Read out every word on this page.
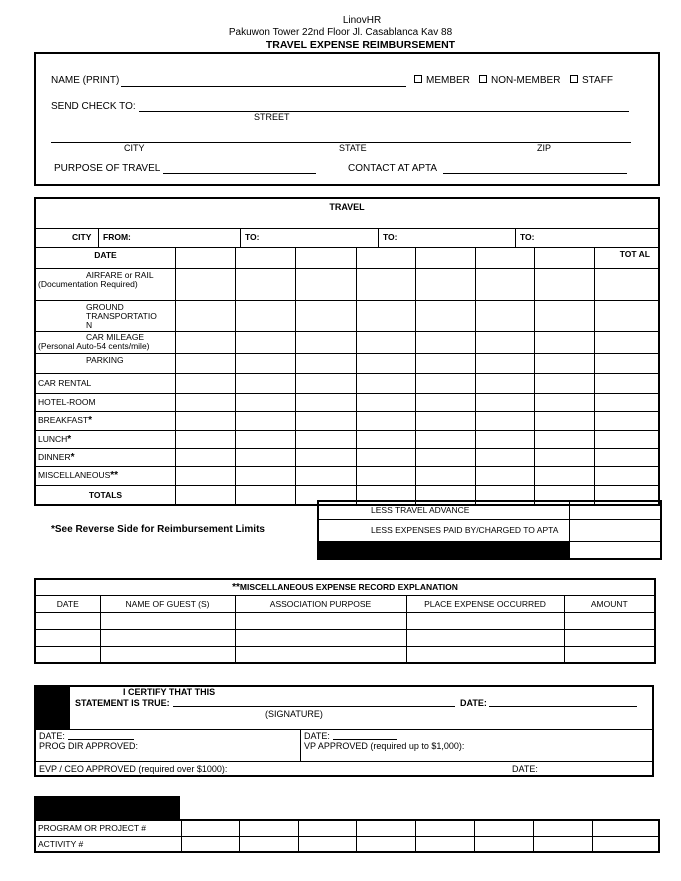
LinovHR
Pakuwon Tower 22nd Floor Jl. Casablanca Kav 88
TRAVEL EXPENSE REIMBURSEMENT
NAME (PRINT)	MEMBER	NON-MEMBER	STAFF
SEND CHECK TO:
STREET
CITY	STATE	ZIP
PURPOSE OF TRAVEL	CONTACT AT APTA
TRAVEL								

CITY FROM: TO: TO: TO:								

DATE								TOT AL

AIRFARE or RAIL
(Documentation Required)								

GROUND TRANSPORTATIO N								

CAR MILEAGE
(Personal Auto-54 cents/mile)								

PARKING								

CAR RENTAL								

HOTEL-ROOM								

BREAKFAST*								
LUNCH*								
DINNER*								
MISCELLANEOUS**								
TOTALS								
*See Reverse Side for Reimbursement Limits
LESS TRAVEL ADVANCE	
LESS EXPENSES PAID BY/CHARGED TO APTA	

**MISCELLANEOUS EXPENSE RECORD EXPLANATION				
DATE	NAME OF GUEST (S)	ASSOCIATION PURPOSE	PLACE EXPENSE OCCURRED	AMOUNT

I CERTIFY THAT THIS
STATEMENT IS TRUE:	DATE:
(SIGNATURE)
DATE:
PROG DIR APPROVED:
DATE:
VP APPROVED (required up to $1,000):
EVP / CEO APPROVED (required over $1000):	DATE:
PROGRAM OR PROJECT #								
ACTIVITY #								
